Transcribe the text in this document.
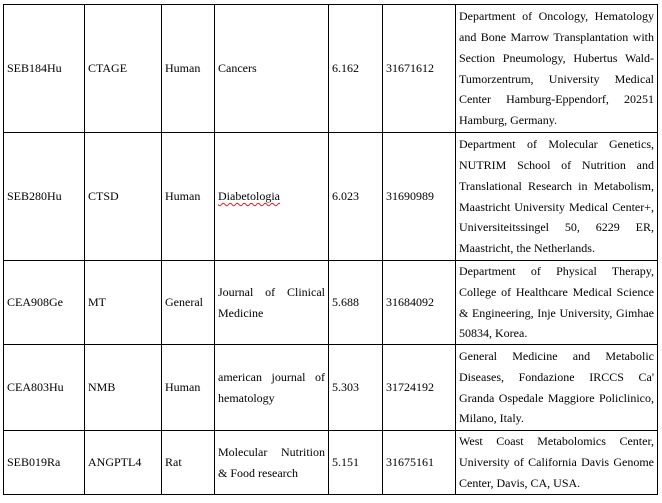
SEB184Hu	CTAGE	Human	Cancers	6.162	31671612	Department of Oncology, Hematology and Bone Marrow Transplantation with Section Pneumology, Hubertus Wald-Tumorzentrum, University Medical Center Hamburg-Eppendorf, 20251 Hamburg, Germany.
SEB280Hu	CTSD	Human	Diabetologia	6.023	31690989	Department of Molecular Genetics, NUTRIM School of Nutrition and Translational Research in Metabolism, Maastricht University Medical Center+, Universiteitssingel 50, 6229 ER, Maastricht, the Netherlands.
CEA908Ge	MT	General	Journal of Clinical Medicine	5.688	31684092	Department of Physical Therapy, College of Healthcare Medical Science & Engineering, Inje University, Gimhae 50834, Korea.
CEA803Hu	NMB	Human	american journal of hematology	5.303	31724192	General Medicine and Metabolic Diseases, Fondazione IRCCS Ca' Granda Ospedale Maggiore Policlinico, Milano, Italy.
SEB019Ra	ANGPTL4	Rat	Molecular Nutrition & Food research	5.151	31675161	West Coast Metabolomics Center, University of California Davis Genome Center, Davis, CA, USA.
